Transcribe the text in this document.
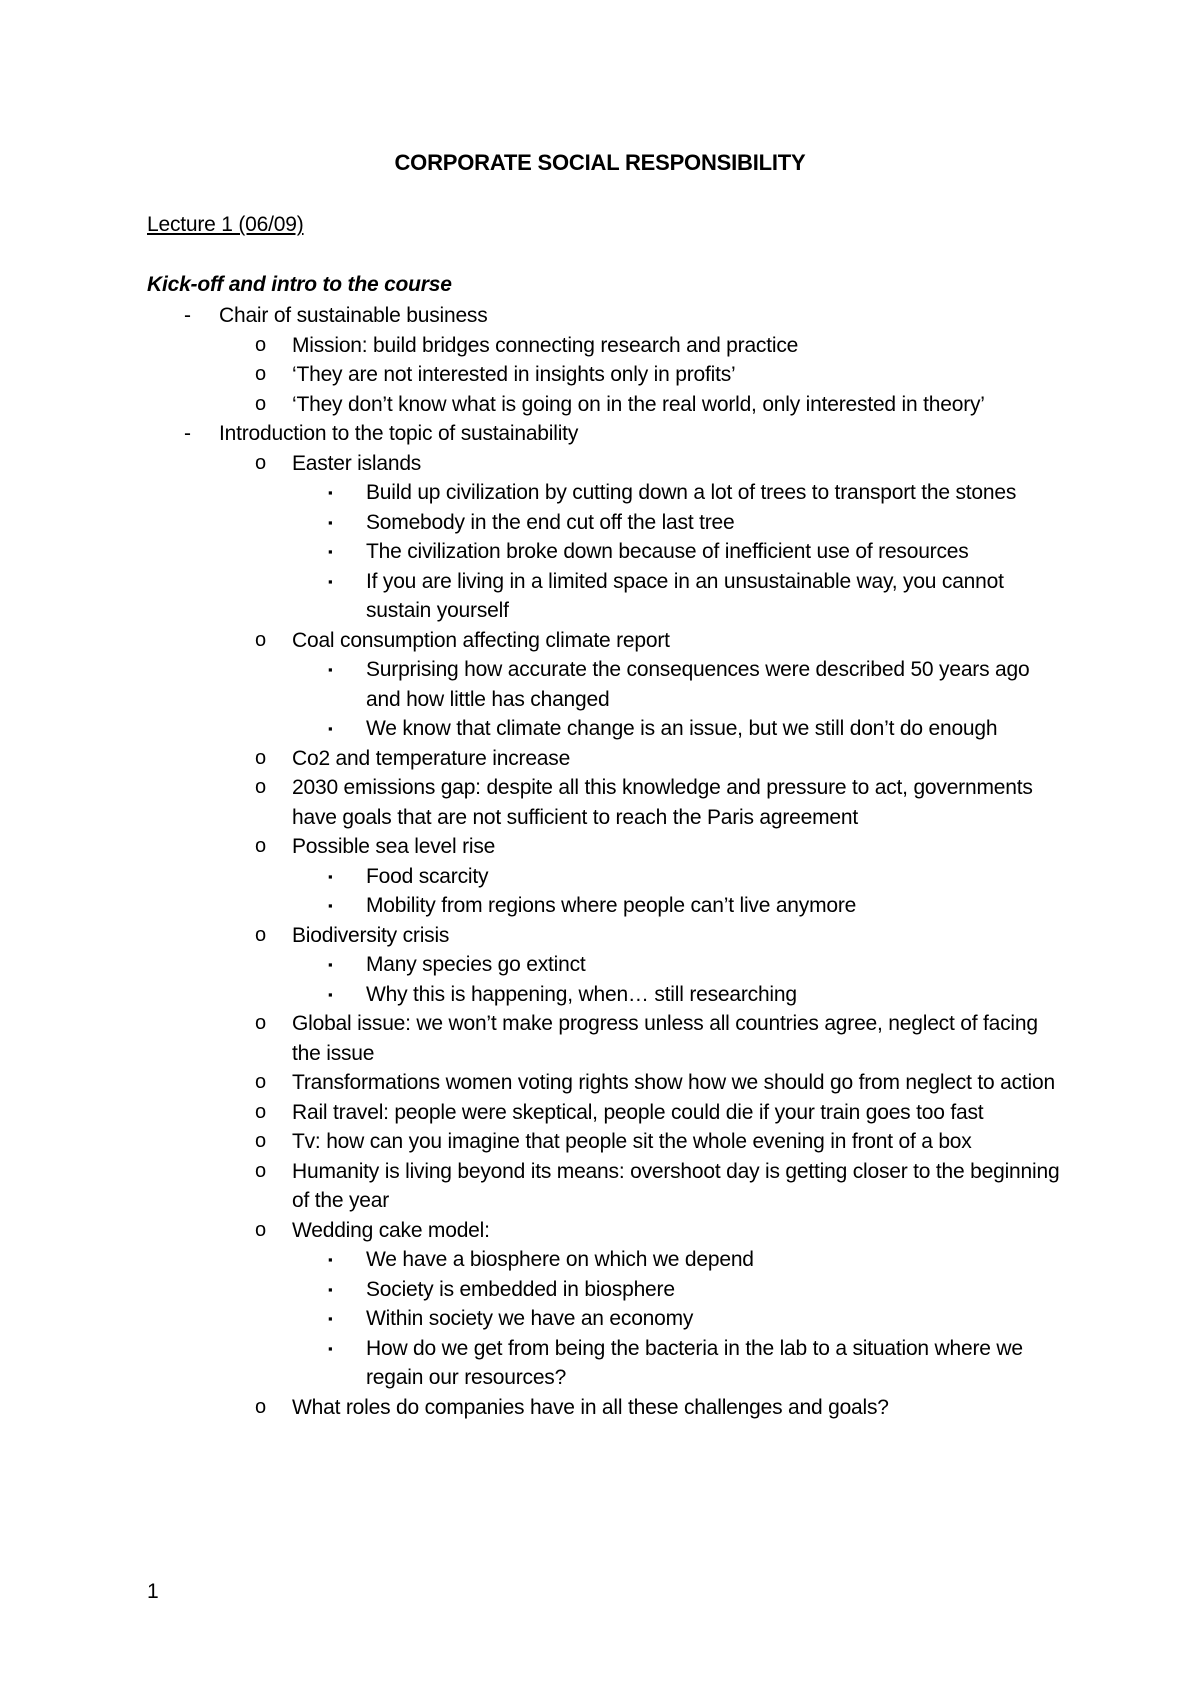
CORPORATE SOCIAL RESPONSIBILITY
Lecture 1 (06/09)
Kick-off and intro to the course
- Chair of sustainable business
o Mission: build bridges connecting research and practice
o ‘They are not interested in insights only in profits’
o ‘They don’t know what is going on in the real world, only interested in theory’
- Introduction to the topic of sustainability
o Easter islands
▪ Build up civilization by cutting down a lot of trees to transport the stones
▪ Somebody in the end cut off the last tree
▪ The civilization broke down because of inefficient use of resources
▪ If you are living in a limited space in an unsustainable way, you cannot sustain yourself
o Coal consumption affecting climate report
▪ Surprising how accurate the consequences were described 50 years ago and how little has changed
▪ We know that climate change is an issue, but we still don’t do enough
o Co2 and temperature increase
o 2030 emissions gap: despite all this knowledge and pressure to act, governments have goals that are not sufficient to reach the Paris agreement
o Possible sea level rise
▪ Food scarcity
▪ Mobility from regions where people can’t live anymore
o Biodiversity crisis
▪ Many species go extinct
▪ Why this is happening, when… still researching
o Global issue: we won’t make progress unless all countries agree, neglect of facing the issue
o Transformations women voting rights show how we should go from neglect to action
o Rail travel: people were skeptical, people could die if your train goes too fast
o Tv: how can you imagine that people sit the whole evening in front of a box
o Humanity is living beyond its means: overshoot day is getting closer to the beginning of the year
o Wedding cake model:
▪ We have a biosphere on which we depend
▪ Society is embedded in biosphere
▪ Within society we have an economy
▪ How do we get from being the bacteria in the lab to a situation where we regain our resources?
o What roles do companies have in all these challenges and goals?
1
